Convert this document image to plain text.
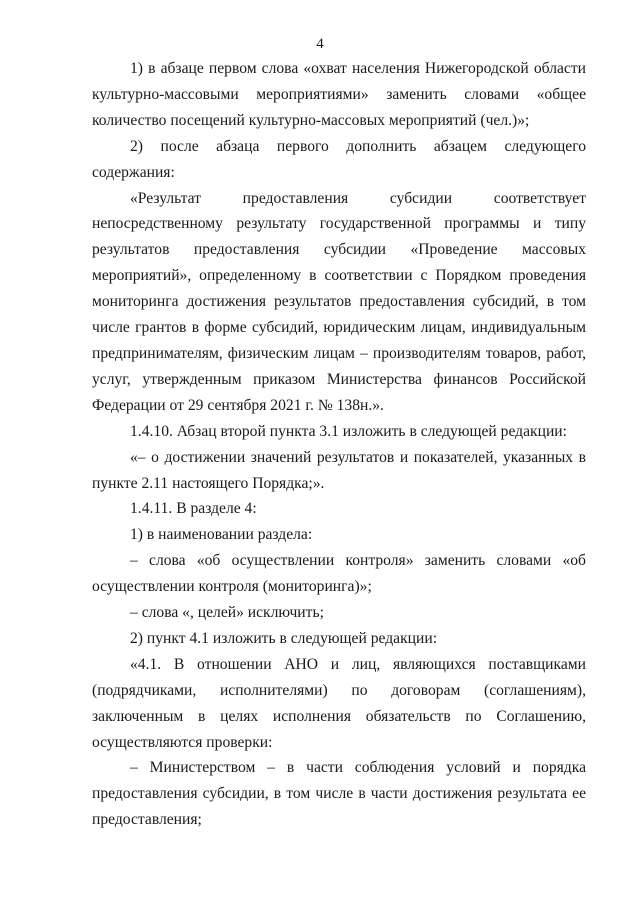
4

1) в абзаце первом слова «охват населения Нижегородской области культурно-массовыми мероприятиями» заменить словами «общее количество посещений культурно-массовых мероприятий (чел.)»;

2) после абзаца первого дополнить абзацем следующего содержания:

«Результат предоставления субсидии соответствует непосредственному результату государственной программы и типу результатов предоставления субсидии «Проведение массовых мероприятий», определенному в соответствии с Порядком проведения мониторинга достижения результатов предоставления субсидий, в том числе грантов в форме субсидий, юридическим лицам, индивидуальным предпринимателям, физическим лицам – производителям товаров, работ, услуг, утвержденным приказом Министерства финансов Российской Федерации от 29 сентября 2021 г. № 138н.».

1.4.10. Абзац второй пункта 3.1 изложить в следующей редакции:

«– о достижении значений результатов и показателей, указанных в пункте 2.11 настоящего Порядка;».

1.4.11. В разделе 4:

1) в наименовании раздела:

– слова «об осуществлении контроля» заменить словами «об осуществлении контроля (мониторинга)»;

– слова «, целей» исключить;

2) пункт 4.1 изложить в следующей редакции:

«4.1. В отношении АНО и лиц, являющихся поставщиками (подрядчиками, исполнителями) по договорам (соглашениям), заключенным в целях исполнения обязательств по Соглашению, осуществляются проверки:

– Министерством – в части соблюдения условий и порядка предоставления субсидии, в том числе в части достижения результата ее предоставления;
